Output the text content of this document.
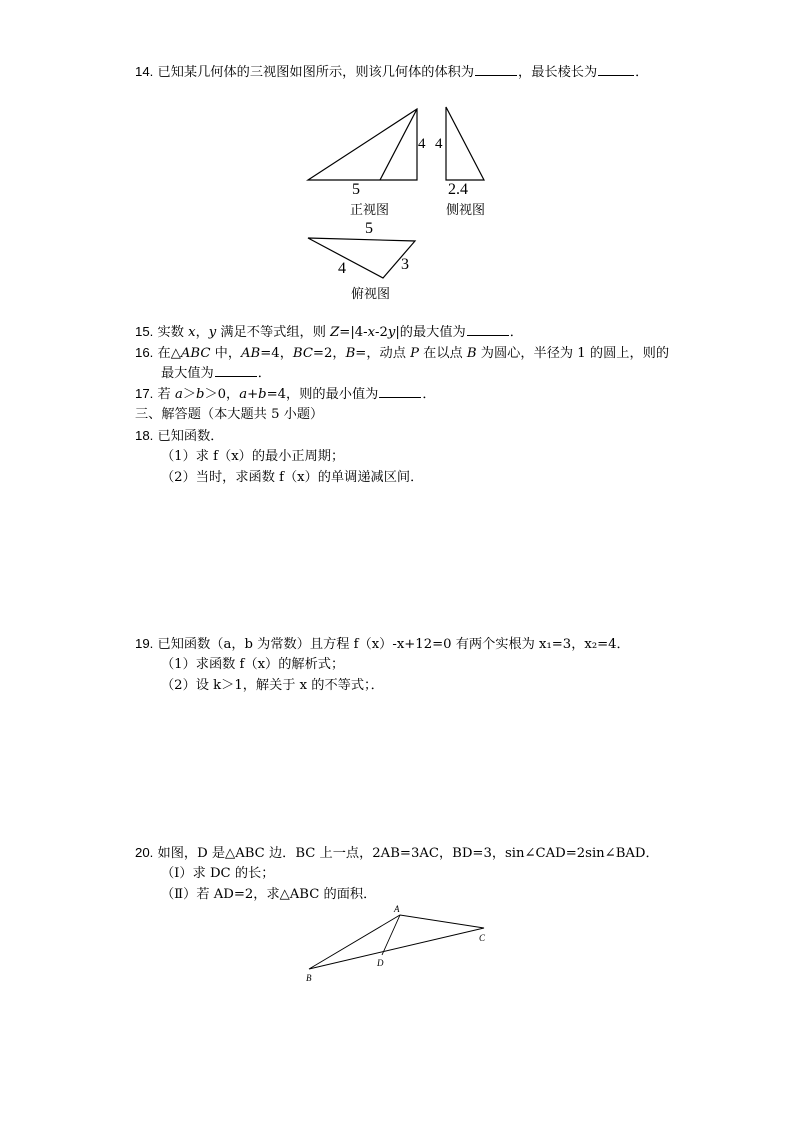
14. 已知某几何体的三视图如图所示，则该几何体的体积为	，最长棱长为	．
4 4
5	2.4
正视图	侧视图
5
4	3
俯视图
15. 实数 x，y 满足不等式组，则 Z=|4-x-2y|的最大值为	．
16. 在△ABC 中，AB=4，BC=2，B=，动点 P 在以点 B 为圆心，半径为 1 的圆上，则的
最大值为	．
17. 若 a＞b＞0，a+b=4，则的最小值为	．
三、解答题（本大题共 5 小题）
18. 已知函数．
（1）求 f（x）的最小正周期；
（2）当时，求函数 f（x）的单调递减区间．
19. 已知函数（a，b 为常数）且方程 f（x）-x+12=0 有两个实根为 x₁=3，x₂=4．
（1）求函数 f（x）的解析式；
（2）设 k＞1，解关于 x 的不等式；．
20. 如图，D 是△ABC 边．BC 上一点，2AB=3AC，BD=3，sin∠CAD=2sin∠BAD．
（Ⅰ）求 DC 的长；
（Ⅱ）若 AD=2，求△ABC 的面积．
A
B
C
D
